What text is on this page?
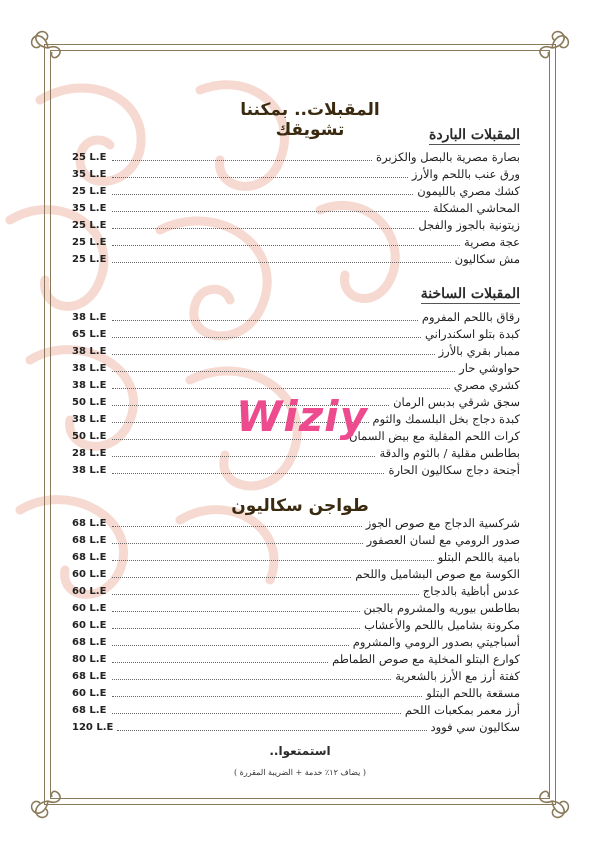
المقبلات.. بمكننا تشويقك	المقبلات الباردة
بصارة مصرية بالبصل والكزبرة
25 L.E
ورق عنب باللحم والأرز
35 L.E
كشك مصري بالليمون
25 L.E
المحاشي المشكلة
35 L.E
زيتونية بالجوز والفجل
25 L.E
عجة مصرية
25 L.E
مش سكاليون
25 L.E
المقبلات الساخنة
رقاق باللحم المفروم
38 L.E
كبدة بتلو اسكندراني
65 L.E
ممبار بقري بالأرز
38 L.E
حواوشي حار
38 L.E
كشري مصري
38 L.E
سجق شرقي بدبس الرمان
50 L.E
كبدة دجاج بخل البلسمك والثوم
38 L.E
كرات اللحم المقلية مع بيض السمان
50 L.E
بطاطس مقلية / بالثوم والدقة
28 L.E
أجنحة دجاج سكاليون الحارة
38 L.E
طواجن سكاليون
شركسية الدجاج مع صوص الجوز
68 L.E
صدور الرومي مع لسان العصفور
68 L.E
بامية باللحم البتلو
68 L.E
الكوسة مع صوص البشاميل واللحم
60 L.E
عدس أباظية بالدجاج
60 L.E
بطاطس بيوريه والمشروم بالجبن
60 L.E
مكرونة بشاميل باللحم والأعشاب
60 L.E
أسباجيتي بصدور الرومي والمشروم
68 L.E
كوارع البتلو المخلية مع صوص الطماطم
80 L.E
كفتة أرز مع الأرز بالشعرية
68 L.E
مسقعة باللحم البتلو
60 L.E
أرز معمر بمكعبات اللحم
68 L.E
سكاليون سي فوود
120 L.E
Wiziy
استمتعوا..
( يضاف ١٢٪ خدمة + الضريبة المقررة )
